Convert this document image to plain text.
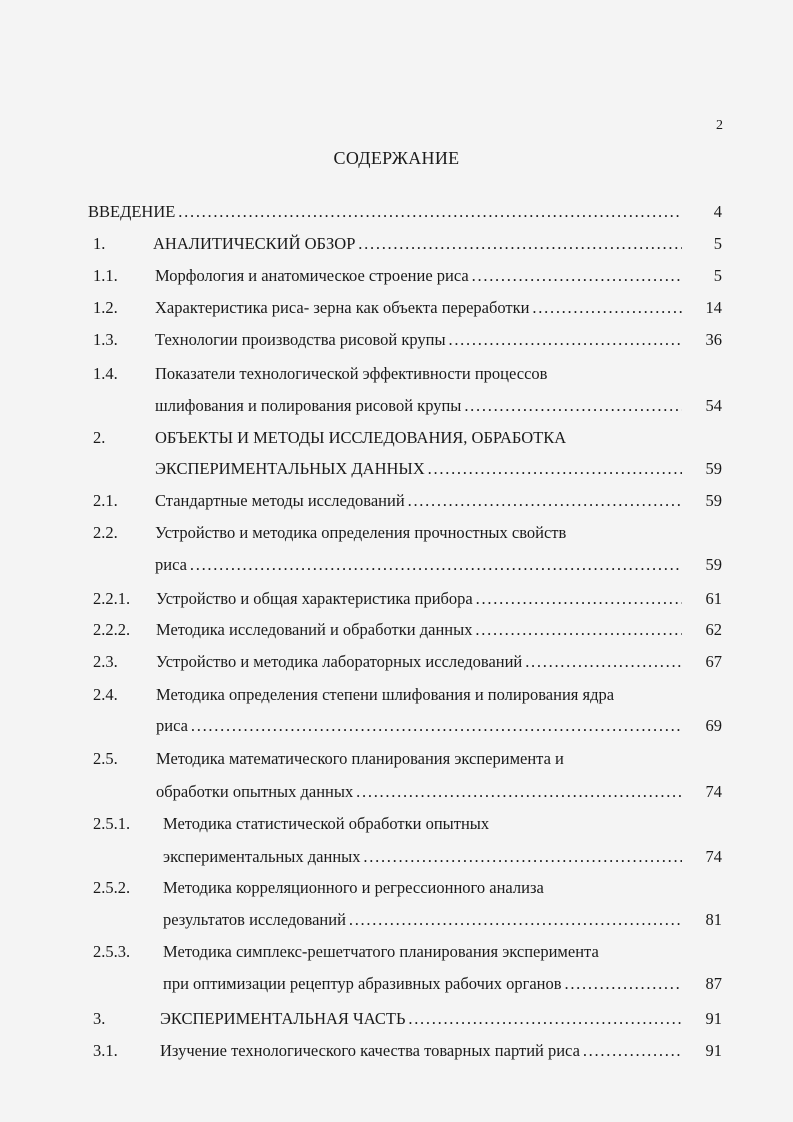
2
СОДЕРЖАНИЕ
ВВЕДЕНИЕ . . .	4
1.	АНАЛИТИЧЕСКИЙ ОБЗОР . . .	5
1.1. Морфология и анатомическое строение риса . . .	5
1.2. Характеристика риса- зерна как объекта переработки . . .	14
1.3. Технологии производства рисовой крупы . . .	36
1.4. Показатели технологической эффективности процессов
шлифования и полирования рисовой крупы . . .	54
2.	ОБЪЕКТЫ И МЕТОДЫ ИССЛЕДОВАНИЯ, ОБРАБОТКА
ЭКСПЕРИМЕНТАЛЬНЫХ ДАННЫХ . . .	59
2.1. Стандартные методы исследований . . .	59
2.2. Устройство и методика определения прочностных свойств
риса . . .	59
2.2.1. Устройство и общая характеристика прибора . . .	61
2.2.2. Методика исследований и обработки данных . . .	62
2.3. Устройство и методика лабораторных исследований . . .	67
2.4. Методика определения степени шлифования и полирования ядра
риса . . .	69
2.5. Методика математического планирования эксперимента и
обработки опытных данных . . .	74
2.5.1. Методика статистической обработки опытных
экспериментальных данных . . .	74
2.5.2. Методика корреляционного и регрессионного анализа
результатов исследований . . .	81
2.5.3. Методика симплекс-решетчатого планирования эксперимента
при оптимизации рецептур абразивных рабочих органов . . .	87
3.	ЭКСПЕРИМЕНТАЛЬНАЯ ЧАСТЬ . . .	91
3.1.	Изучение технологического качества товарных партий риса . . .	91
